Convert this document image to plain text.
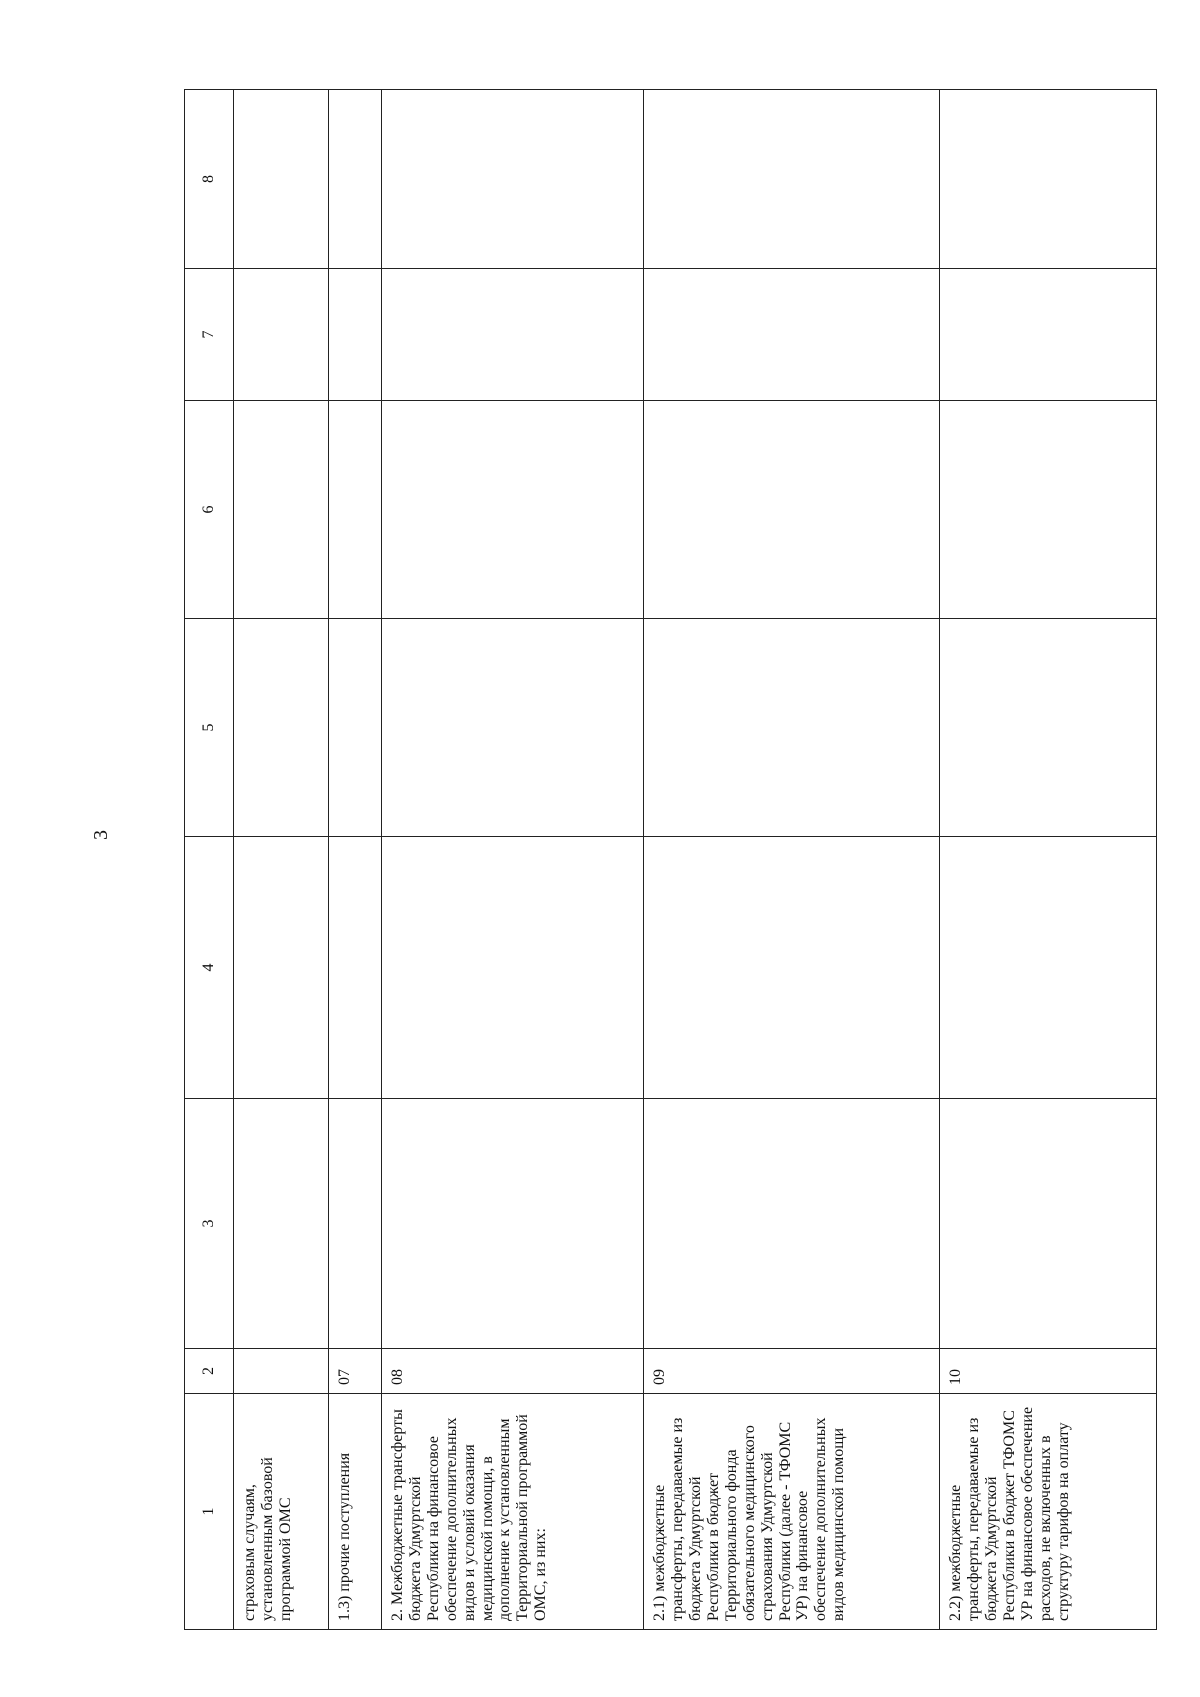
3
1	2	3	4	5	6	7	8
страховым случаям, установленным базовой программой ОМС							
1.3) прочие поступления	07						
2. Межбюджетные трансферты бюджета Удмуртской Республики на финансовое обеспечение дополнительных видов и условий оказания медицинской помощи, в дополнение к установленным Территориальной программой ОМС, из них:	08						
2.1) межбюджетные трансферты, передаваемые из бюджета Удмуртской Республики в бюджет Территориального фонда обязательного медицинского страхования Удмуртской Республики (далее - ТФОМС УР) на финансовое обеспечение дополнительных видов медицинской помощи	09						
2.2) межбюджетные трансферты, передаваемые из бюджета Удмуртской Республики в бюджет ТФОМС УР на финансовое обеспечение расходов, не включенных в структуру тарифов на оплату	10						
